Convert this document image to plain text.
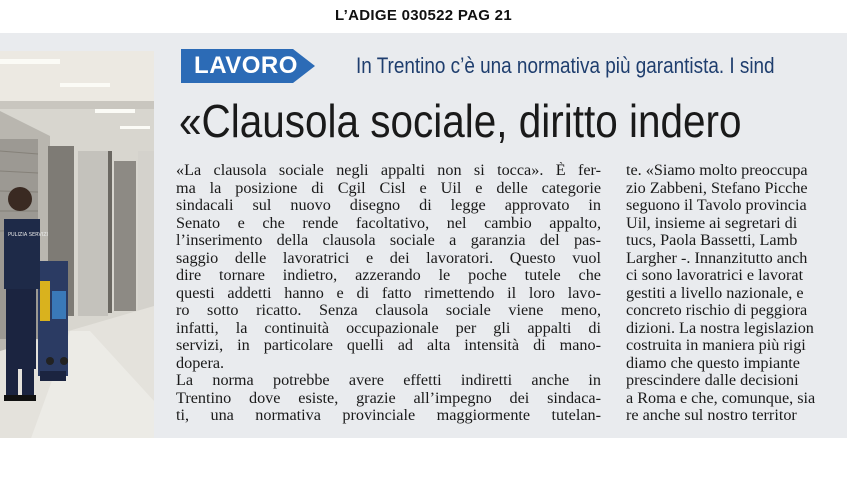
L’ADIGE 030522 PAG 21
PULIZIA SERVIZI
LAVORO	In Trentino c’è una normativa più garantista. I sind
«Clausola sociale, diritto indero
«La clausola sociale negli appalti non si tocca». È fer-
ma la posizione di Cgil Cisl e Uil e delle categorie
sindacali sul nuovo disegno di legge approvato in
Senato e che rende facoltativo, nel cambio appalto,
l’inserimento della clausola sociale a garanzia del pas-
saggio delle lavoratrici e dei lavoratori. Questo vuol
dire tornare indietro, azzerando le poche tutele che
questi addetti hanno e di fatto rimettendo il loro lavo-
ro sotto ricatto. Senza clausola sociale viene meno,
infatti, la continuità occupazionale per gli appalti di
servizi, in particolare quelli ad alta intensità di mano-
dopera.
La norma potrebbe avere effetti indiretti anche in
Trentino dove esiste, grazie all’impegno dei sindaca-
ti, una normativa provinciale maggiormente tutelan-
te. «Siamo molto preoccupa
zio Zabbeni, Stefano Picche
seguono il Tavolo provincia
Uil, insieme ai segretari di
tucs, Paola Bassetti, Lamb
Largher -. Innanzitutto anch
ci sono lavoratrici e lavorat
gestiti a livello nazionale, e
concreto rischio di peggiora
dizioni. La nostra legislazion
costruita in maniera più rigi
diamo che questo impiante
prescindere dalle decisioni
a Roma e che, comunque, sia
re anche sul nostro territor
